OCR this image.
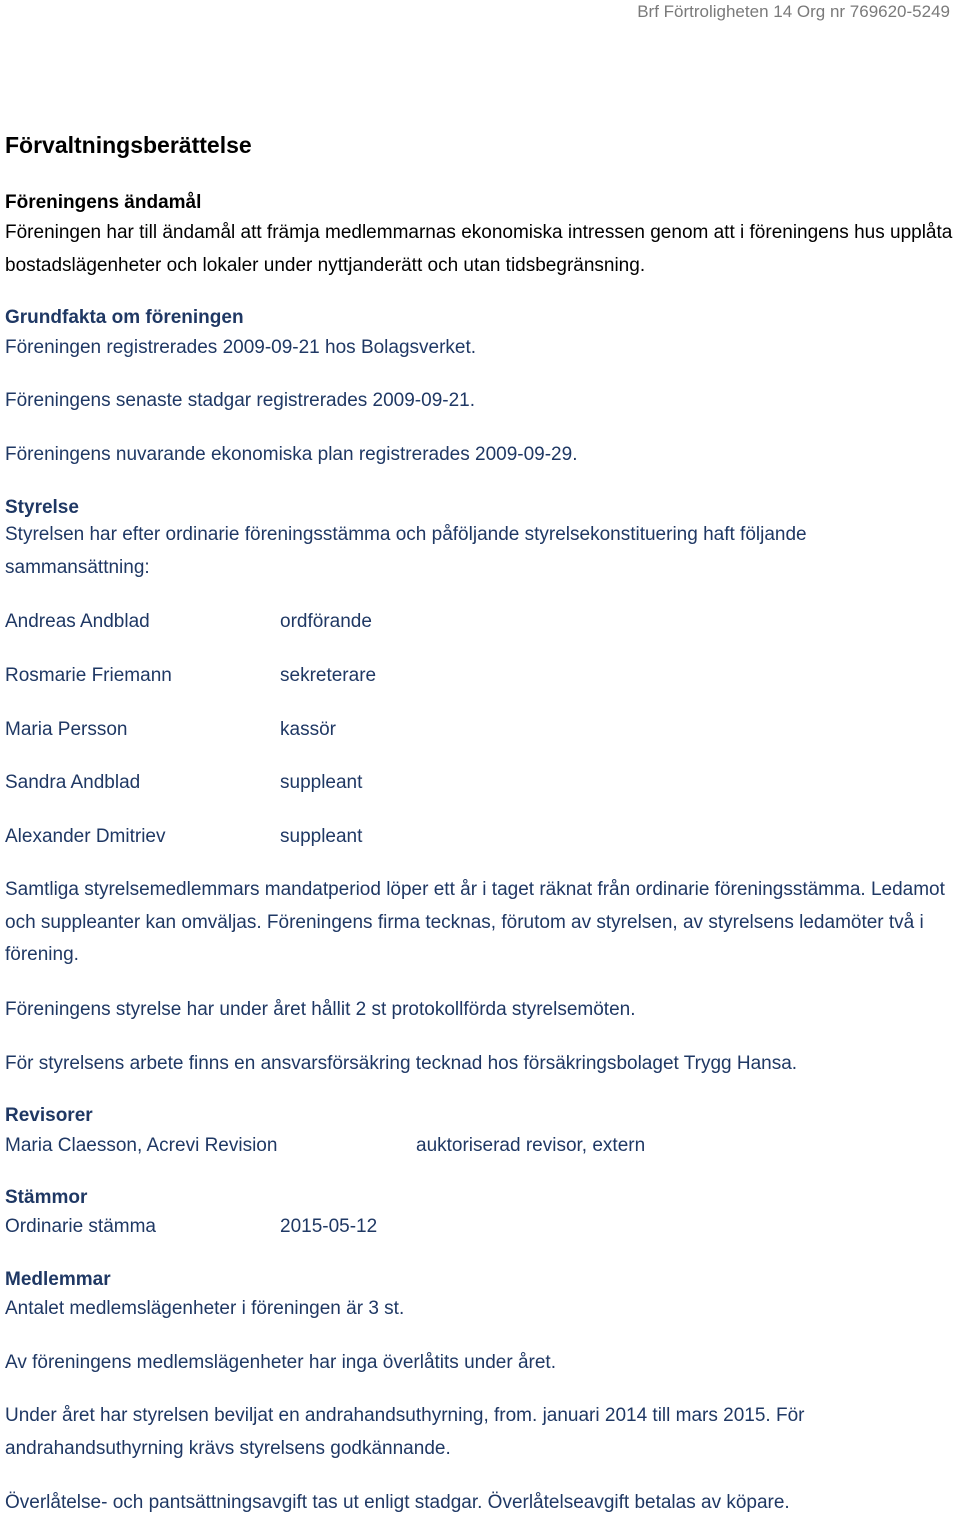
Brf Förtroligheten 14 Org nr 769620-5249
Förvaltningsberättelse
Föreningens ändamål

Föreningen har till ändamål att främja medlemmarnas ekonomiska intressen genom att i föreningens hus upplåta bostadslägenheter och lokaler under nyttjanderätt och utan tidsbegränsning.

Grundfakta om föreningen
Föreningen registrerades 2009-09-21 hos Bolagsverket.
Föreningens senaste stadgar registrerades 2009-09-21.
Föreningens nuvarande ekonomiska plan registrerades 2009-09-29.
Styrelse

Styrelsen har efter ordinarie föreningsstämma och påföljande styrelsekonstituering haft följande sammansättning:

Andreas Andblad	ordförande
Rosmarie Friemann	sekreterare
Maria Persson	kassör
Sandra Andblad	suppleant
Alexander Dmitriev	suppleant

Samtliga styrelsemedlemmars mandatperiod löper ett år i taget räknat från ordinarie föreningsstämma. Ledamot och suppleanter kan omväljas. Föreningens firma tecknas, förutom av styrelsen, av styrelsens ledamöter två i förening.

Föreningens styrelse har under året hållit 2 st protokollförda styrelsemöten.
För styrelsens arbete finns en ansvarsförsäkring tecknad hos försäkringsbolaget Trygg Hansa.
Revisorer
Maria Claesson, Acrevi Revision	auktoriserad revisor, extern
Stämmor
Ordinarie stämma	2015-05-12
Medlemmar
Antalet medlemslägenheter i föreningen är 3 st.
Av föreningens medlemslägenheter har inga överlåtits under året.

Under året har styrelsen beviljat en andrahandsuthyrning, from. januari 2014 till mars 2015. För andrahandsuthyrning krävs styrelsens godkännande.

Överlåtelse- och pantsättningsavgift tas ut enligt stadgar. Överlåtelseavgift betalas av köpare.
